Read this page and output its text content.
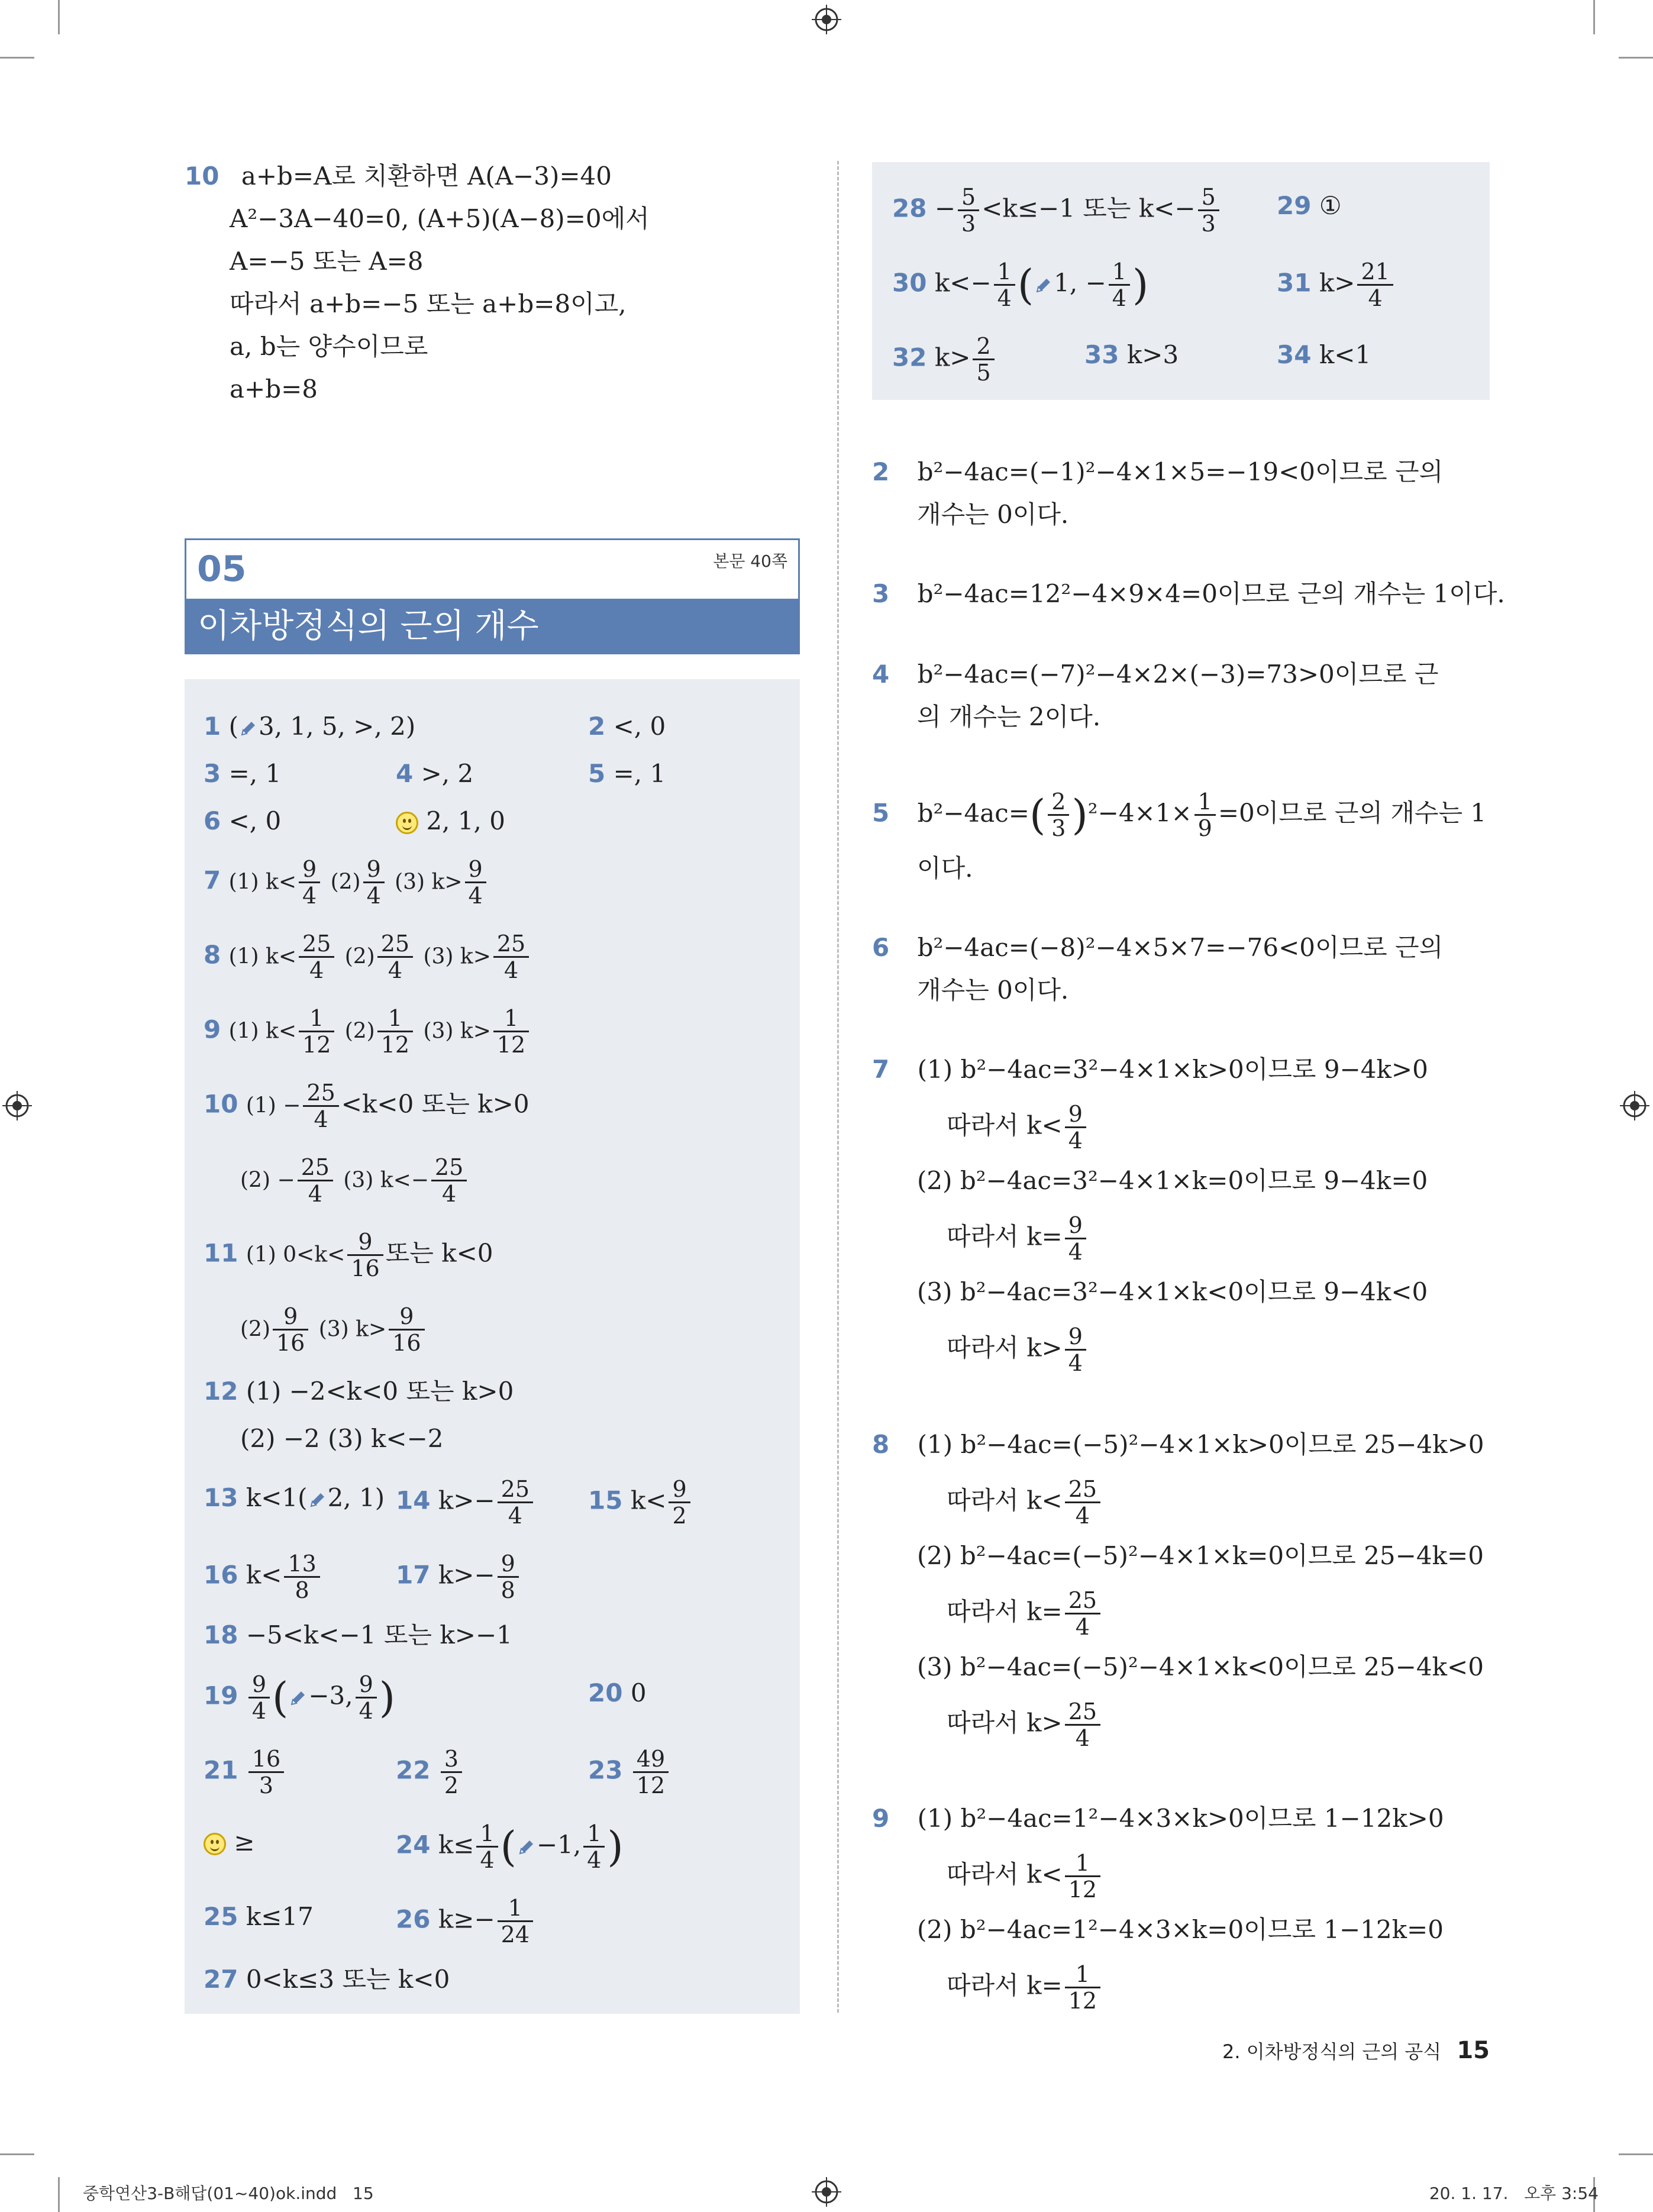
10 a+b=A로 치환하면 A(A−3)=40
A²−3A−40=0, (A+5)(A−8)=0에서
A=−5 또는 A=8
따라서 a+b=−5 또는 a+b=8이고,
a, b는 양수이므로
a+b=8
05	본문 40쪽
이차방정식의 근의 개수
1 ( 3, 1, 5, >, 2)	2 <, 0
3 =, 1	4 >, 2	5 =, 1
6 <, 0	2, 1, 0
7 (1) $k< \frac{9}{4} (2) \frac{9}{4} (3)$ $k> \frac{9}{4}$
8 (1) $k< \frac{25}{4} (2) \frac{25}{4} (3)$ $k> \frac{25}{4}$
9 (1) $k< \frac{1}{12} (2) \frac{1}{12} (3)$ $k> \frac{1}{12}$
10 $(1) - \frac{25}{4} <k<0$ 또는 k>0
$(2) - \frac{25}{4} (3)$ $k<- \frac{25}{4}$
11 (1) $0<k< \frac{9}{16}$ 또는 k<0
$(2) \frac{9}{16} (3)$ $k> \frac{9}{16}$
12 (1) −2<k<0 또는 k>0
(2) −2 (3) k<−2
13 k<1( 2, 1) 14 $k>- \frac{25}{4} 15$ $k< \frac{9}{2}$
16 $k< \frac{13}{8}$	17 $k>- \frac{9}{8}$
18 −5<k<−1 또는 k>−1
$19 \frac{9}{4}$ ( −3, $\frac{9}{4}$ )	20 0
$21 \frac{16}{3}$	$22 \frac{3}{2}$	$23 \frac{49}{12}$
≥	24 $k\le \frac{1}{4}$ ( −1, $\frac{1}{4}$ )
25 k≤17	26 $k\ge- \frac{1}{24}$
27 0<k≤3 또는 k<0
$28 - \frac{5}{3} <k\le-1$ 또는 $k<- \frac{5}{3} 29$ ①
30 $k<- \frac{1}{4}$ ( 1, − $\frac{1}{4}$ )	31 $k> \frac{21}{4}$
32 $k> \frac{2}{5}$	33 k>3	34 k<1
2 b²−4ac=(−1)²−4×1×5=−19<0이므로 근의
개수는 0이다.
3 b²−4ac=12²−4×9×4=0이므로 근의 개수는 1이다.
4 b²−4ac=(−7)²−4×2×(−3)=73>0이므로 근
의 개수는 2이다.
5 $b^2-4ac=( \frac{2}{3} )^2-4\times 1\times \frac{1}{9} =0$이므로 근의 개수는 1
이다.
6 b²−4ac=(−8)²−4×5×7=−76<0이므로 근의
개수는 0이다.
7 (1) b²−4ac=3²−4×1×k>0이므로 9−4k>0
따라서 $k< \frac{9}{4}$
(2) b²−4ac=3²−4×1×k=0이므로 9−4k=0
따라서 $k= \frac{9}{4}$
(3) b²−4ac=3²−4×1×k<0이므로 9−4k<0
따라서 $k> \frac{9}{4}$
8 (1) b²−4ac=(−5)²−4×1×k>0이므로 25−4k>0
따라서 $k< \frac{25}{4}$
(2) b²−4ac=(−5)²−4×1×k=0이므로 25−4k=0
따라서 $k= \frac{25}{4}$
(3) b²−4ac=(−5)²−4×1×k<0이므로 25−4k<0
따라서 $k> \frac{25}{4}$
9 (1) b²−4ac=1²−4×3×k>0이므로 1−12k>0
따라서 $k< \frac{1}{12}$
(2) b²−4ac=1²−4×3×k=0이므로 1−12k=0
따라서 $k= \frac{1}{12}$
2. 이차방정식의 근의 공식 15
중학연산3-B해답(01~40)ok.indd   15	20. 1. 17.   오후 3:54
